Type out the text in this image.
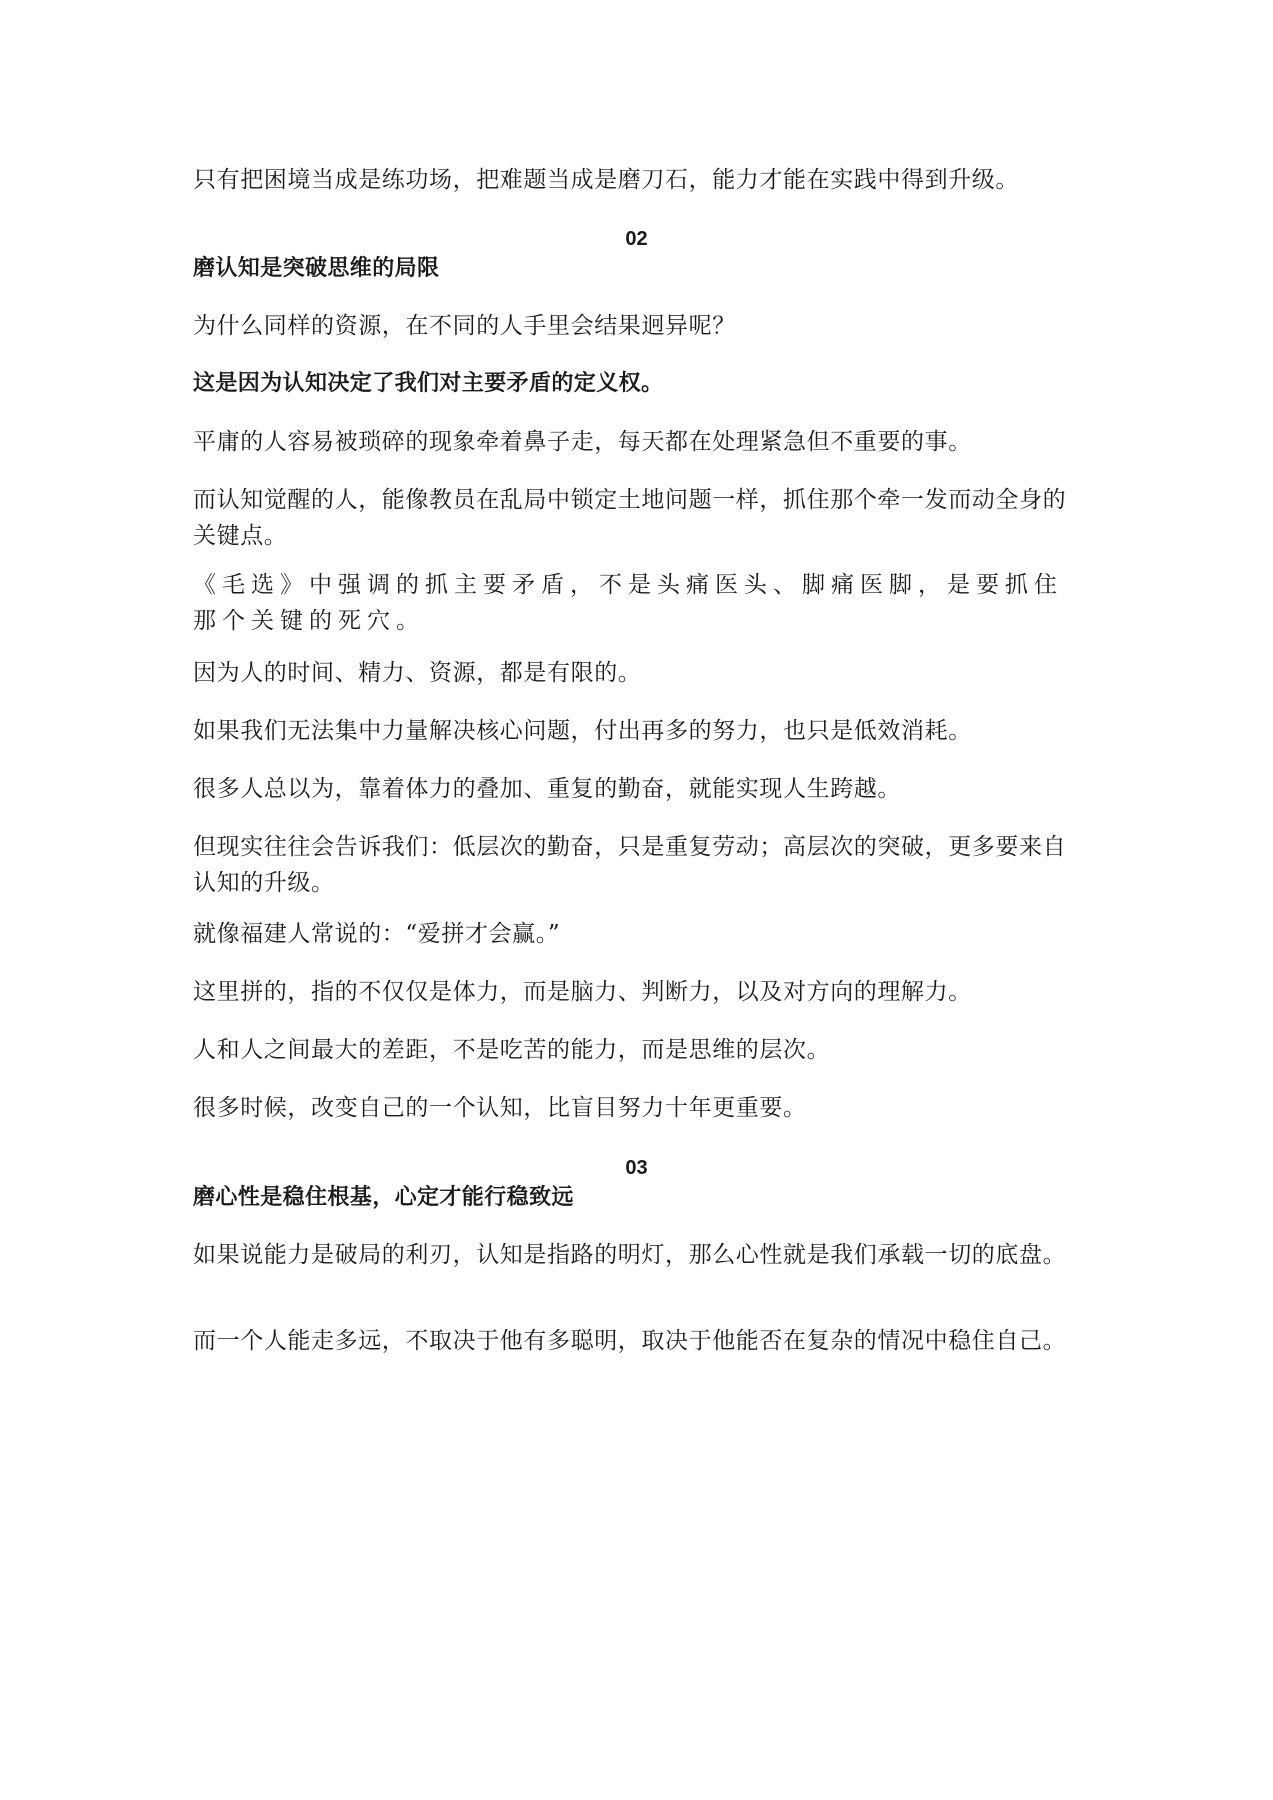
只有把困境当成是练功场，把难题当成是磨刀石，能力才能在实践中得到升级。

02

磨认知是突破思维的局限

为什么同样的资源，在不同的人手里会结果迥异呢？

这是因为认知决定了我们对主要矛盾的定义权。

平庸的人容易被琐碎的现象牵着鼻子走，每天都在处理紧急但不重要的事。

而认知觉醒的人，能像教员在乱局中锁定土地问题一样，抓住那个牵一发而动全身的关键点。

《毛选》中强调的抓主要矛盾，不是头痛医头、脚痛医脚，是要抓住那个关键的死穴。

因为人的时间、精力、资源，都是有限的。

如果我们无法集中力量解决核心问题，付出再多的努力，也只是低效消耗。

很多人总以为，靠着体力的叠加、重复的勤奋，就能实现人生跨越。

但现实往往会告诉我们：低层次的勤奋，只是重复劳动；高层次的突破，更多要来自认知的升级。

就像福建人常说的：“爱拼才会赢。”

这里拼的，指的不仅仅是体力，而是脑力、判断力，以及对方向的理解力。

人和人之间最大的差距，不是吃苦的能力，而是思维的层次。

很多时候，改变自己的一个认知，比盲目努力十年更重要。

03

磨心性是稳住根基，心定才能行稳致远

如果说能力是破局的利刃，认知是指路的明灯，那么心性就是我们承载一切的底盘。

而一个人能走多远，不取决于他有多聪明，取决于他能否在复杂的情况中稳住自己。
